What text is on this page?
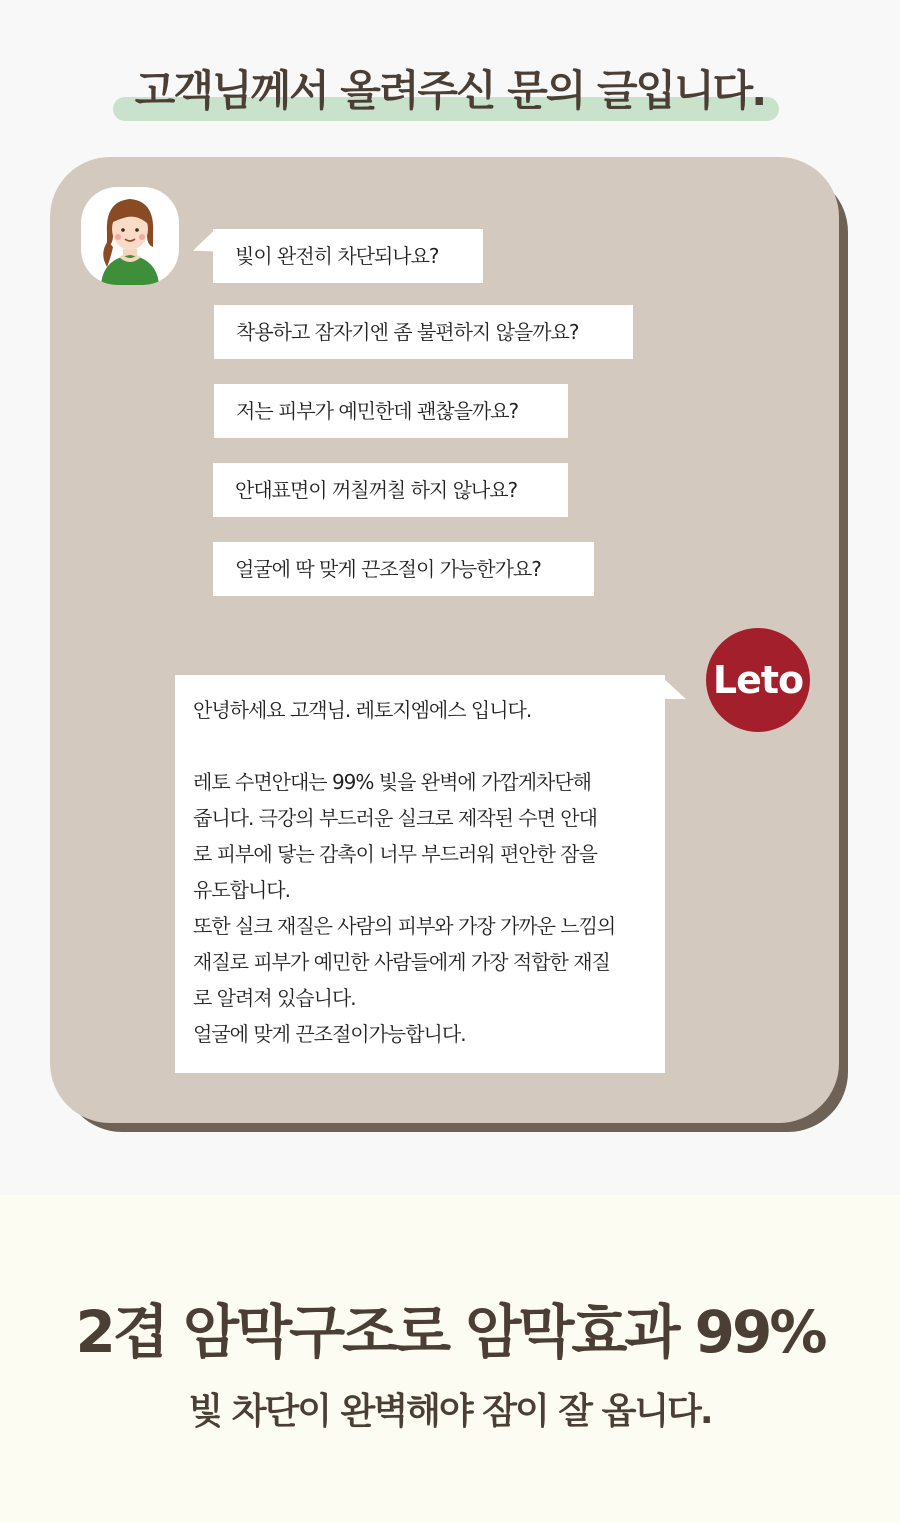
고객님께서 올려주신 문의 글입니다.
빛이 완전히 차단되나요?
착용하고 잠자기엔 좀 불편하지 않을까요?
저는 피부가 예민한데 괜찮을까요?
안대표면이 꺼칠꺼칠 하지 않나요?
얼굴에 딱 맞게 끈조절이 가능한가요?
Leto
안녕하세요 고객님. 레토지엠에스 입니다.
레토 수면안대는 99% 빛을 완벽에 가깝게차단해
줍니다. 극강의 부드러운 실크로 제작된 수면 안대
로 피부에 닿는 감촉이 너무 부드러워 편안한 잠을
유도합니다.
또한 실크 재질은 사람의 피부와 가장 가까운 느낌의
재질로 피부가 예민한 사람들에게 가장 적합한 재질
로 알려져 있습니다.
얼굴에 맞게 끈조절이가능합니다.
2겹 암막구조로 암막효과 99%
빛 차단이 완벽해야 잠이 잘 옵니다.
